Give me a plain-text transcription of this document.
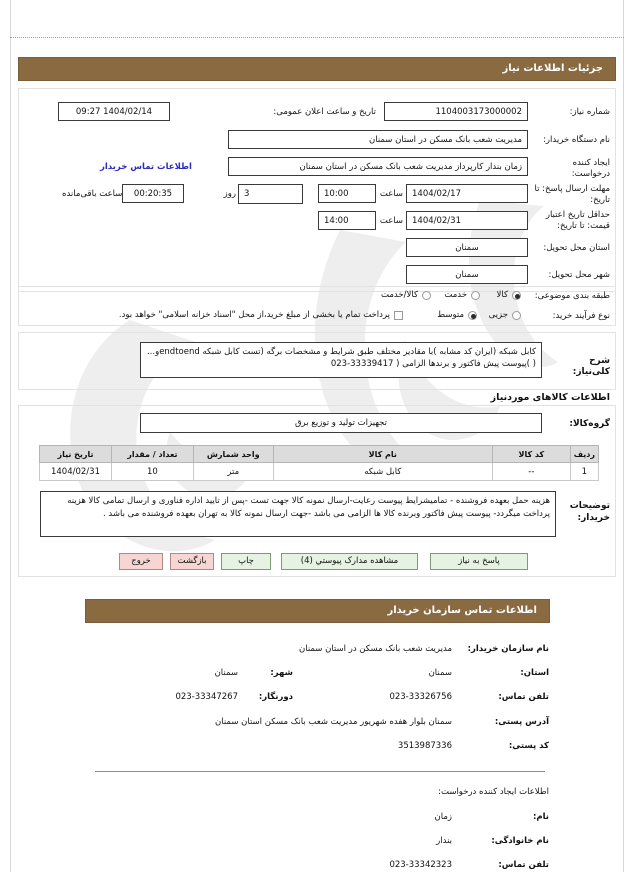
جزئیات اطلاعات نیاز
شماره نیاز:
1104003173000002
تاریخ و ساعت اعلان عمومی:
1404/02/14 09:27
نام دستگاه خریدار:
مدیریت شعب بانک مسکن در استان سمنان
ایجاد کننده
درخواست:
زمان بندار کارپرداز مدیریت شعب بانک مسکن در استان سمنان
اطلاعات تماس خریدار
مهلت ارسال پاسخ: تا
تاریخ:
1404/02/17
ساعت
10:00
3
روز
00:20:35
ساعت باقی‌مانده
حداقل تاریخ اعتبار
قیمت: تا تاریخ:
1404/02/31
ساعت
14:00
استان محل تحویل:
سمنان
شهر محل تحویل:
سمنان
طبقه بندی موضوعی:
کالا
خدمت
کالا/خدمت
نوع فرآیند خرید:
جزیی
متوسط
پرداخت تمام یا بخشی از مبلغ خرید،از محل "اسناد خزانه اسلامی" خواهد بود.
شرح کلی‌نیاز:
کابل شبکه (ایران کد مشابه )با مقادیر مختلف طبق شرایط و مشخصات برگه (تست کابل شبکه endtoendو...( )پیوست پیش فاکتور و برندها الزامی ( 33339417-023
اطلاعات کالاهای موردنیاز
گروه‌کالا:
تجهیزات تولید و توزیع برق
ردیف	کد کالا	نام کالا	واحد شمارش	تعداد / مقدار	تاریخ نیاز
1	--	کابل شبکه	متر	10	1404/02/31
توضیحات
خریدار:
هزینه حمل بعهده فروشنده - تمامیشرایط پیوست رعایت-ارسال نمونه کالا جهت تست -پس از تایید اداره فناوری و ارسال تمامی کالا هزینه پرداخت میگردد- پیوست پیش فاکتور وبرنده کالا ها الزامی می باشد -جهت ارسال نمونه کالا به تهران بعهده فروشنده می باشد .
پاسخ به نیاز
مشاهده مدارک پیوستي (4)
چاپ
بازگشت
خروج
اطلاعات تماس سازمان خریدار
نام سازمان خریدار:
مدیریت شعب بانک مسکن در استان سمنان
استان:
سمنان
شهر:
سمنان
تلفن تماس:
023-33326756
دورنگار:
023-33347267
آدرس پستی:
سمنان بلوار هفده شهریور مدیریت شعب بانک مسکن استان سمنان
کد پستی:
3513987336
اطلاعات ایجاد کننده درخواست:
نام:
زمان
نام خانوادگی:
بندار
تلفن تماس:
023-33342323
